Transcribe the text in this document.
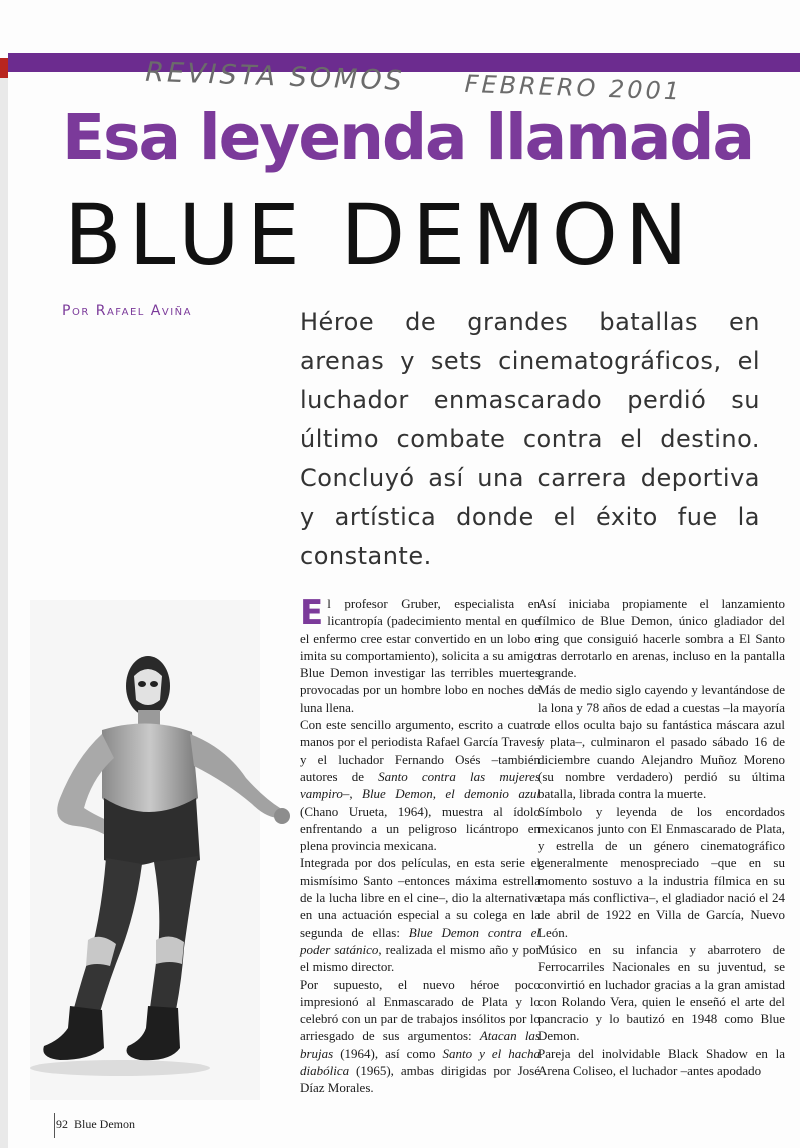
REVISTA SOMOS FEBRERO 2001
Esa leyenda llamada
BLUE DEMON
Por Rafael Aviña	Héroe de grandes batallas en arenas y sets cinematográficos, el luchador enmascarado perdió su último combate contra el destino. Concluyó así una carrera deportiva y artística donde el éxito fue la constante.

El profesor Gruber, especialista en licantropía (padecimiento mental en que el enfermo cree estar convertido en un lobo e imita su comportamiento), solicita a su amigo Blue Demon investigar las terribles muertes provocadas por un hombre lobo en noches de luna llena.

Con este sencillo argumento, escrito a cuatro manos por el periodista Rafael García Travesí y el luchador Fernando Osés –también autores de Santo contra las mujeres vampiro–, Blue Demon, el demonio azul (Chano Urueta, 1964), muestra al ídolo enfrentando a un peligroso licántropo en plena provincia mexicana.

Integrada por dos películas, en esta serie el mismísimo Santo –entonces máxima estrella de la lucha libre en el cine–, dio la alternativa en una actuación especial a su colega en la segunda de ellas: Blue Demon contra el poder satánico, realizada el mismo año y por el mismo director.

Por supuesto, el nuevo héroe poco impresionó al Enmascarado de Plata y lo celebró con un par de trabajos insólitos por lo arriesgado de sus argumentos: Atacan las brujas (1964), así como Santo y el hacha diabólica (1965), ambas dirigidas por José Díaz Morales.

Así iniciaba propiamente el lanzamiento fílmico de Blue Demon, único gladiador del ring que consiguió hacerle sombra a El Santo tras derrotarlo en arenas, incluso en la pantalla grande.

Más de medio siglo cayendo y levantándose de la lona y 78 años de edad a cuestas –la mayoría de ellos oculta bajo su fantástica máscara azul y plata–, culminaron el pasado sábado 16 de diciembre cuando Alejandro Muñoz Moreno (su nombre verdadero) perdió su última batalla, librada contra la muerte.

Símbolo y leyenda de los encordados mexicanos junto con El Enmascarado de Plata, y estrella de un género cinematográfico generalmente menospreciado –que en su momento sostuvo a la industria fílmica en su etapa más conflictiva–, el gladiador nació el 24 de abril de 1922 en Villa de García, Nuevo León.

Músico en su infancia y abarrotero de Ferrocarriles Nacionales en su juventud, se convirtió en luchador gracias a la gran amistad con Rolando Vera, quien le enseñó el arte del pancracio y lo bautizó en 1948 como Blue Demon.

Pareja del inolvidable Black Shadow en la Arena Coliseo, el luchador –antes apodado

92 Blue Demon
